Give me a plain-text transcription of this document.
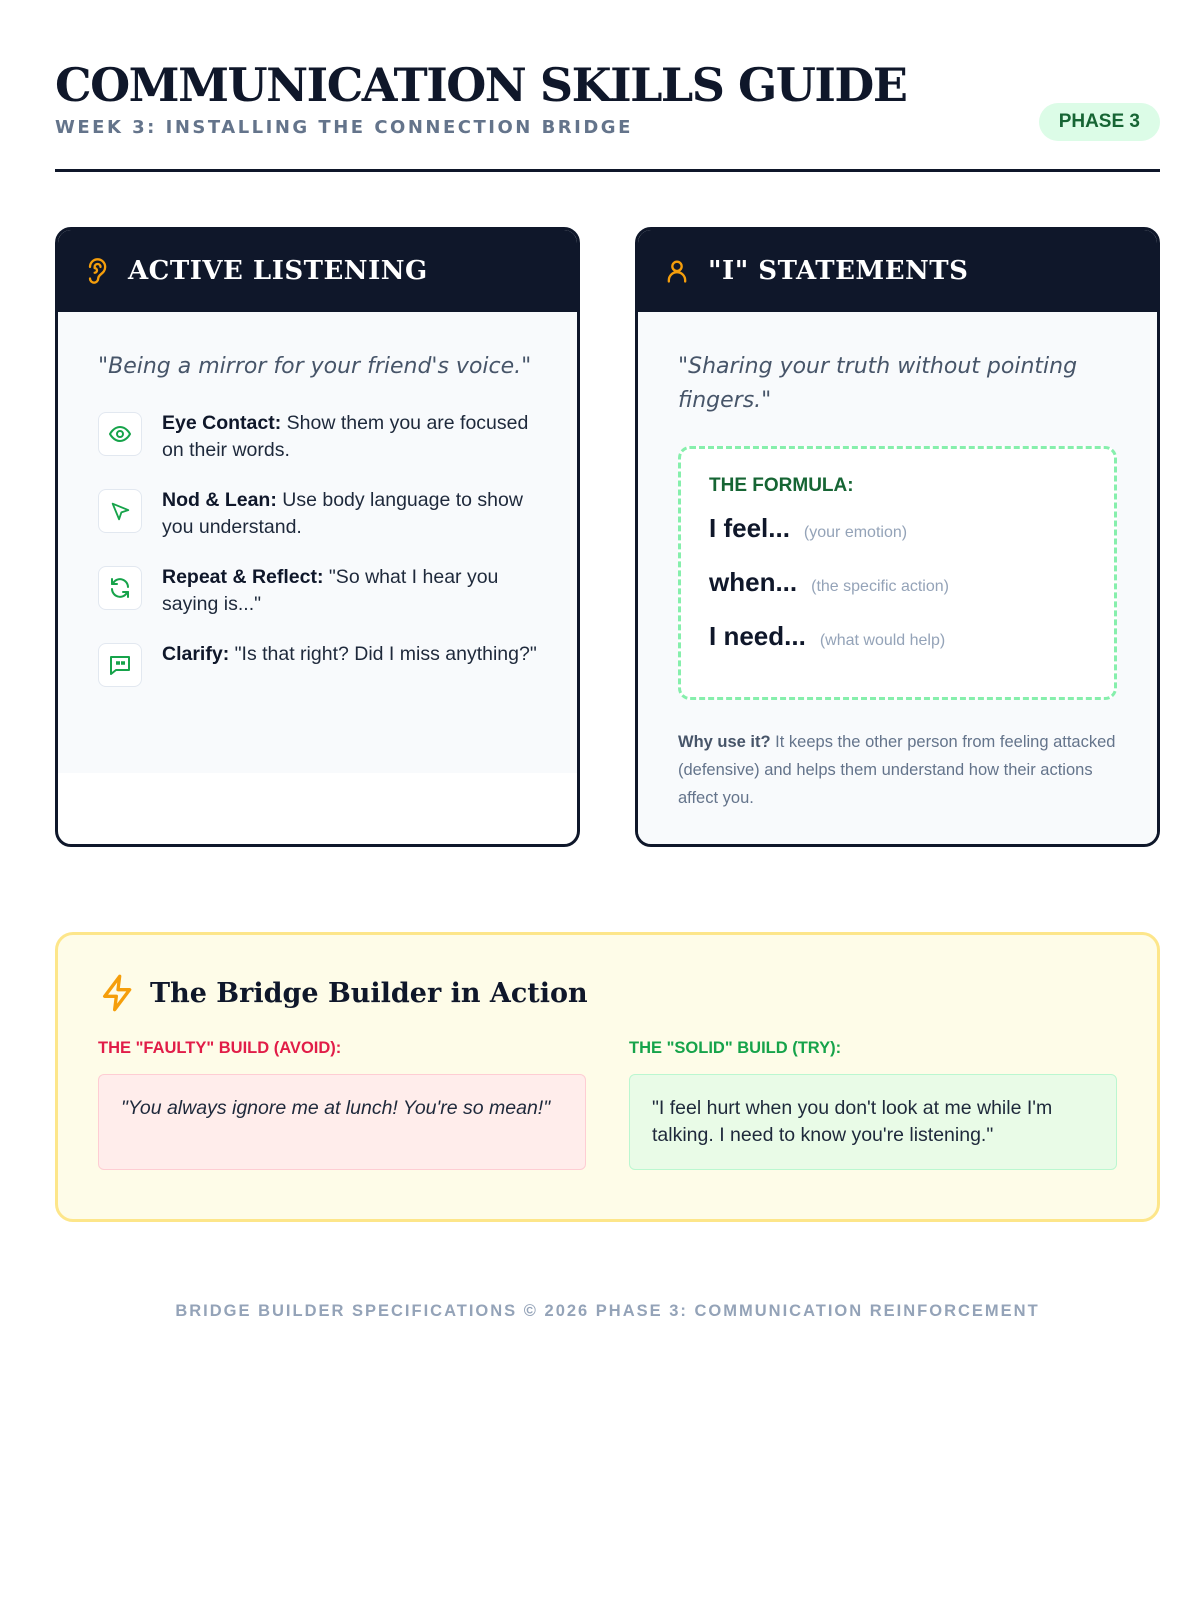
COMMUNICATION SKILLS GUIDE
WEEK 3: INSTALLING THE CONNECTION BRIDGE	PHASE 3
ACTIVE LISTENING

"Being a mirror for your friend's voice."

Eye Contact: Show them you are focused on their words.

Nod & Lean: Use body language to show you understand.

Repeat & Reflect: "So what I hear you saying is..."

Clarify: "Is that right? Did I miss anything?"

"I" STATEMENTS

"Sharing your truth without pointing fingers."

THE FORMULA:
I feel... (your emotion)
when... (the specific action)
I need... (what would help)

Why use it? It keeps the other person from feeling attacked (defensive) and helps them understand how their actions affect you.

The Bridge Builder in Action
THE "FAULTY" BUILD (AVOID):
"You always ignore me at lunch! You're so mean!"
THE "SOLID" BUILD (TRY):
"I feel hurt when you don't look at me while I'm talking. I need to know you're listening."
BRIDGE BUILDER SPECIFICATIONS © 2026 PHASE 3: COMMUNICATION REINFORCEMENT
